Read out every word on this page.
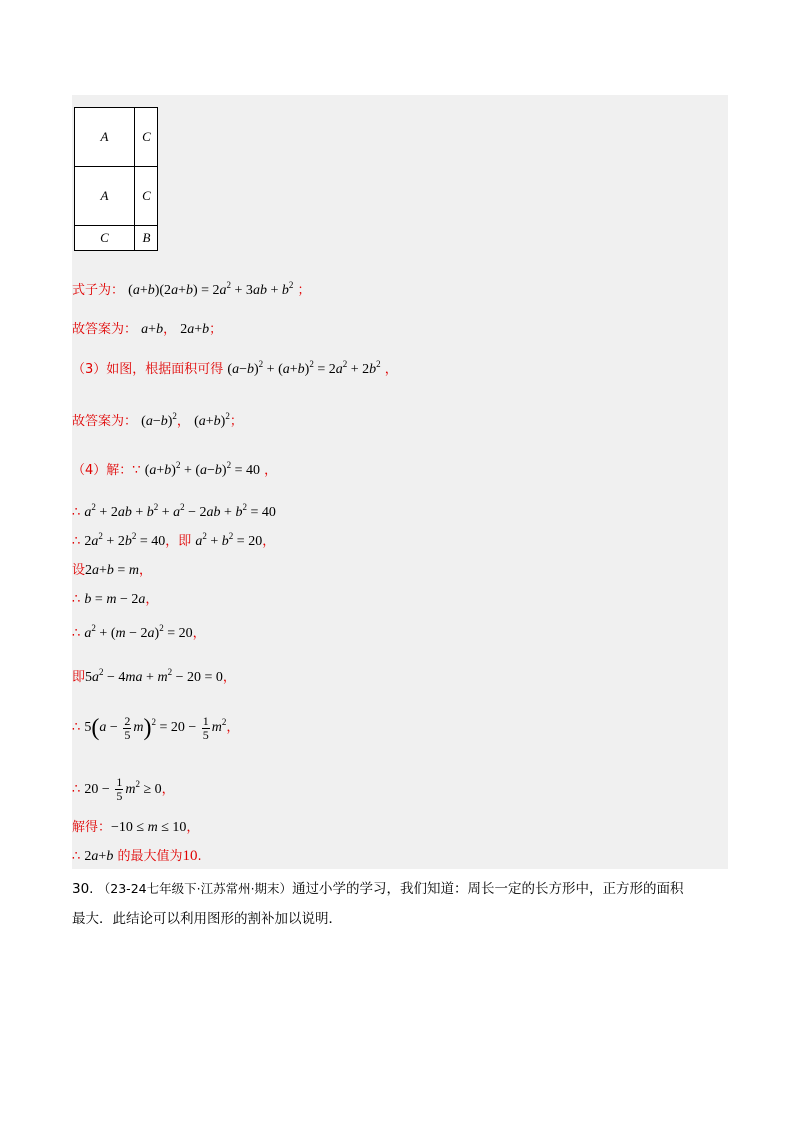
A	C
A	C
C	B
式子为： $(a+b)(2a+b) = 2a^2 + 3ab + b^2$ ；
故答案为： a+b， 2a+b；
（3）如图，根据面积可得 $(a-b)^2 + (a+b)^2 = 2a^2 + 2b^2$ ，
故答案为： $(a-b)^2$， $(a+b)^2$；
（4）解：∵ $(a+b)^2 + (a-b)^2 = 40$ ，
∴ $a^2 + 2ab + b^2 + a^2 - 2ab + b^2 = 40$
∴ $2a^2 + 2b^2 = 40$，即 $a^2 + b^2 = 20$，
设2a+b = m，
∴ b = m − 2a，
∴ $a^2 + (m - 2a)^2 = 20$，
即$5a^2 - 4ma + m^2 - 20 = 0$，
∴ $5(a - \frac{2}{5} m)^2 = 20 - \frac{1}{5} m^2$，
∴ $20 - \frac{1}{5} m^2 \ge 0$，
解得：−10 ≤ m ≤ 10，
∴ 2a+b 的最大值为10.
30. （23-24七年级下·江苏常州·期末）通过小学的学习，我们知道：周长一定的长方形中，正方形的面积
最大．此结论可以利用图形的割补加以说明．
